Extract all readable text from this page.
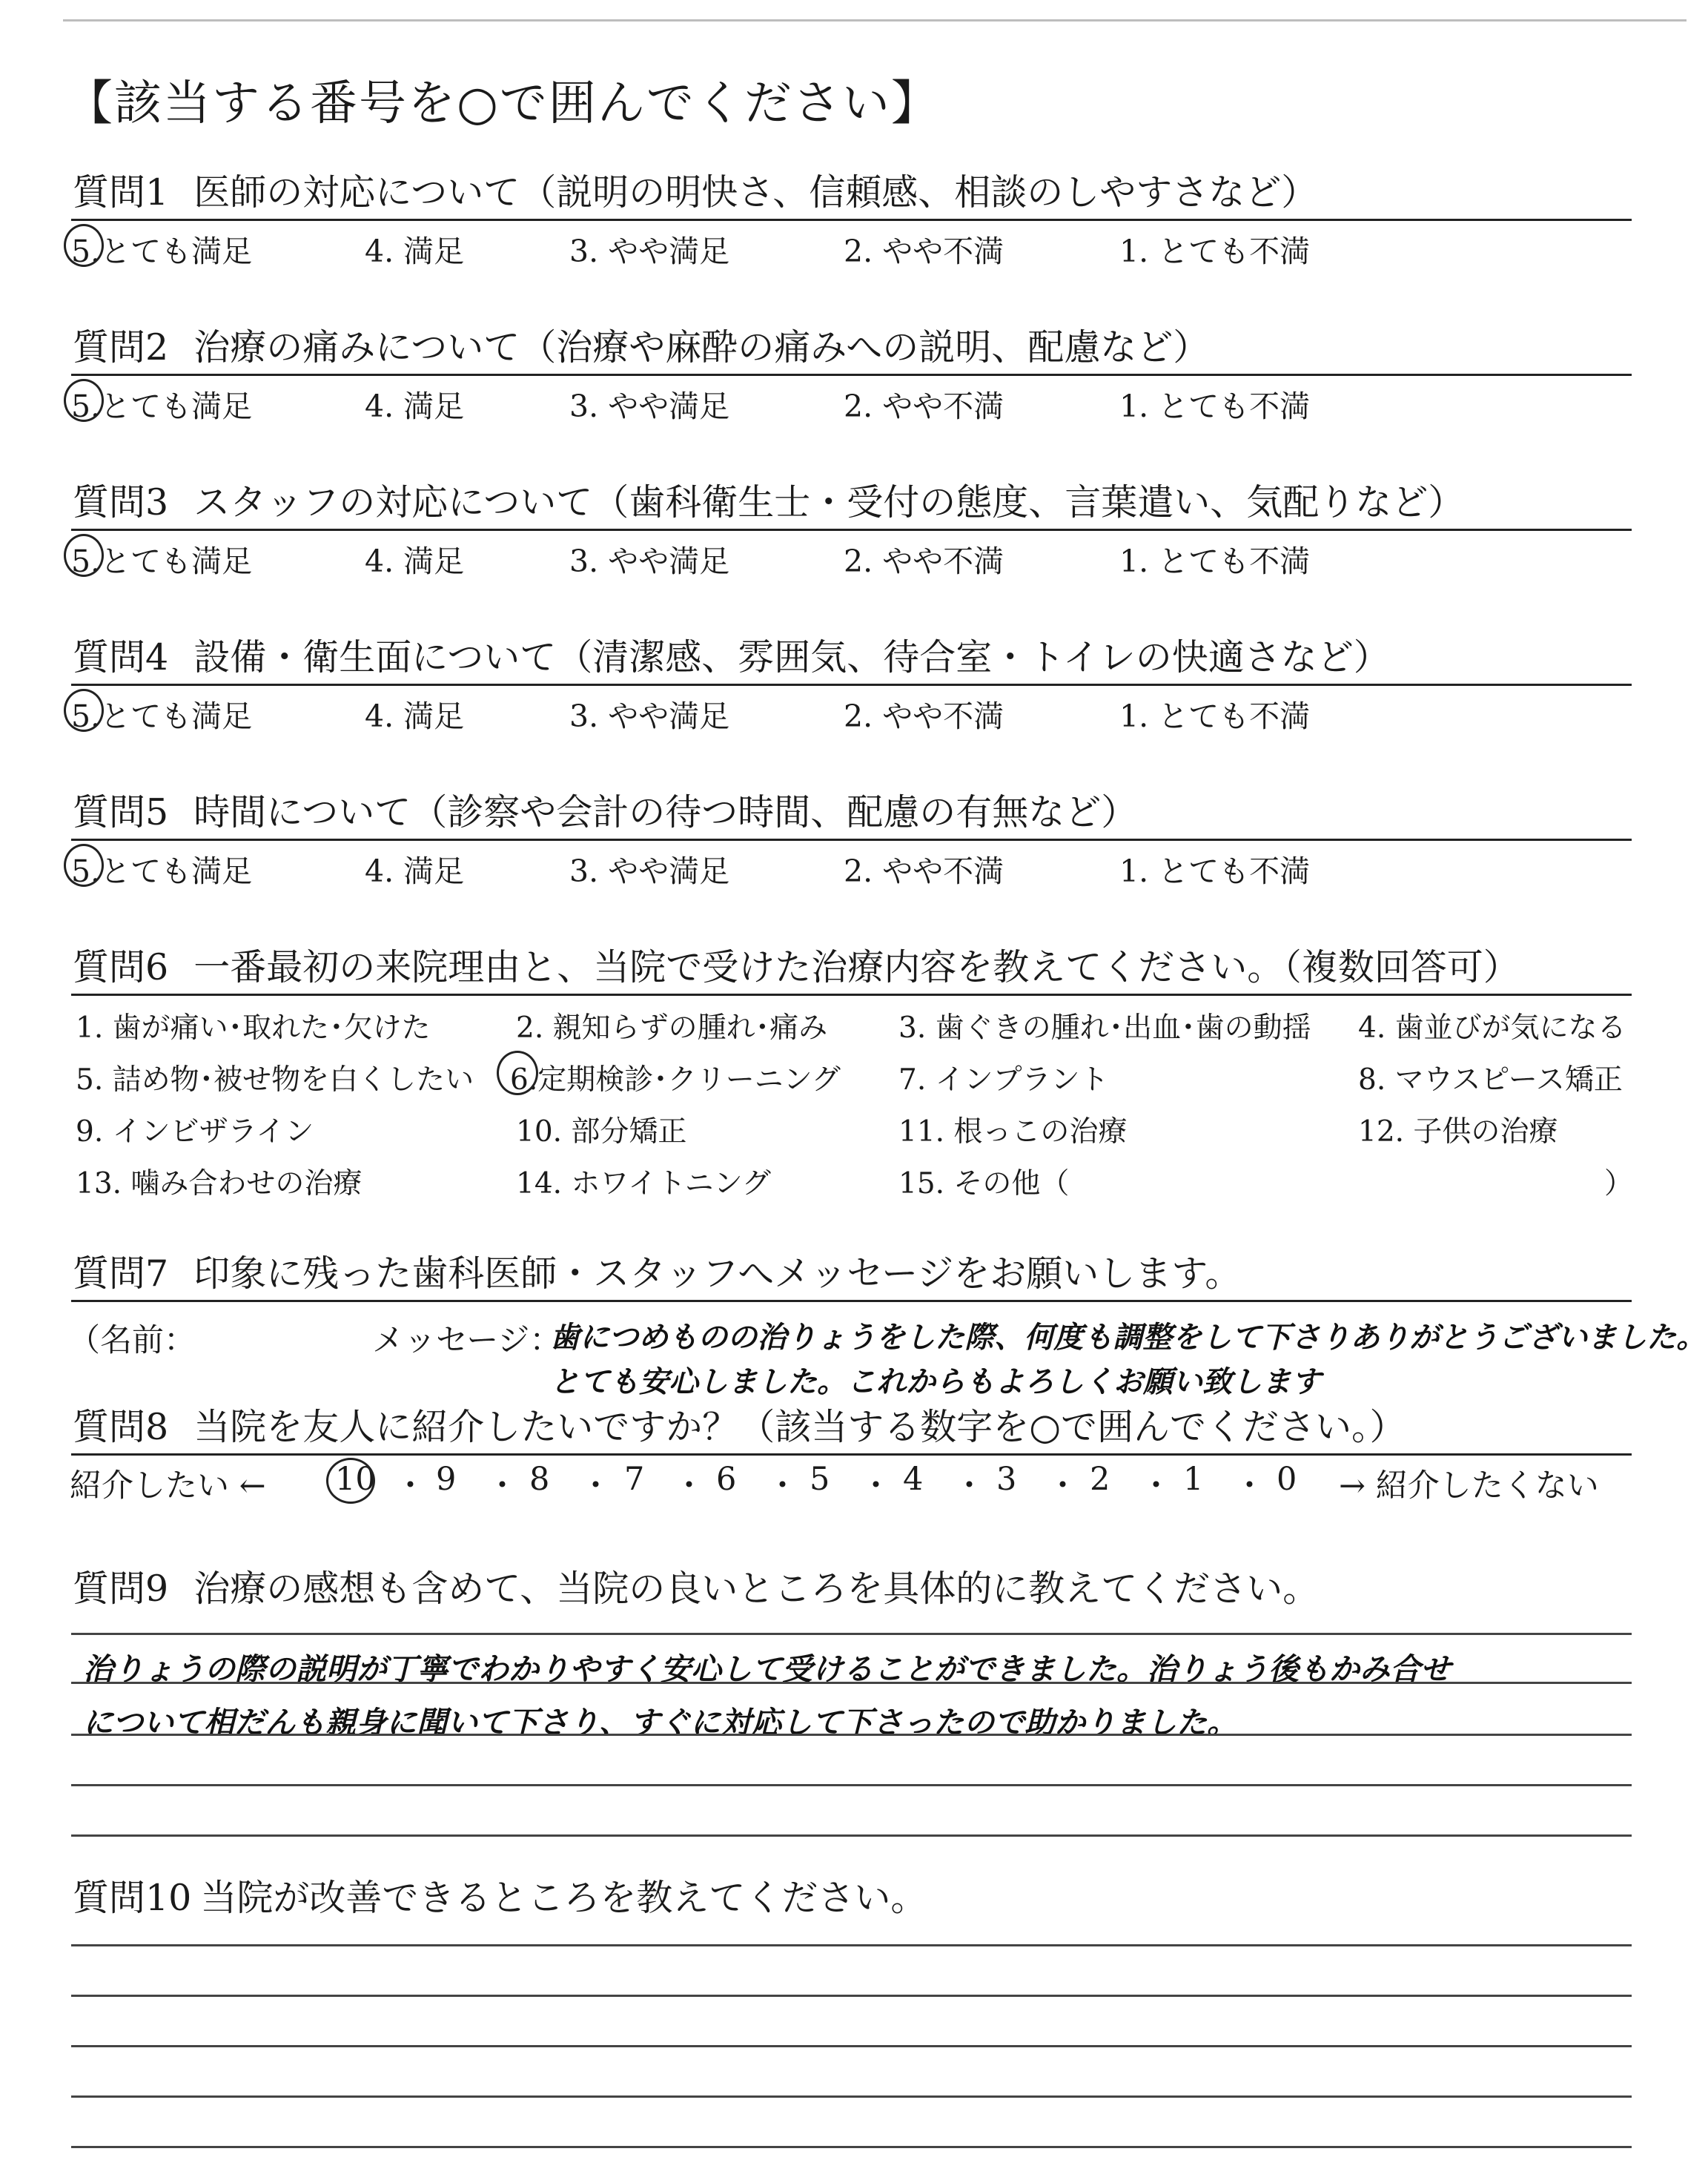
【該当する番号を○で囲んでください】
質問1 医師の対応について（説明の明快さ、信頼感、相談のしやすさなど）
5.とても満足	4. 満足	3. やや満足	2. やや不満	1. とても不満
質問2 治療の痛みについて（治療や麻酔の痛みへの説明、配慮など）
5.とても満足	4. 満足	3. やや満足	2. やや不満	1. とても不満
質問3 スタッフの対応について（歯科衛生士・受付の態度、言葉遣い、気配りなど）
5.とても満足	4. 満足	3. やや満足	2. やや不満	1. とても不満
質問4 設備・衛生面について（清潔感、雰囲気、待合室・トイレの快適さなど）
5.とても満足	4. 満足	3. やや満足	2. やや不満	1. とても不満
質問5 時間について（診察や会計の待つ時間、配慮の有無など）
5.とても満足	4. 満足	3. やや満足	2. やや不満	1. とても不満
質問6 一番最初の来院理由と、当院で受けた治療内容を教えてください。（複数回答可）
1. 歯が痛い･取れた･欠けた	2. 親知らずの腫れ･痛み 3. 歯ぐきの腫れ･出血･歯の動揺 4. 歯並びが気になる
5. 詰め物･被せ物を白くしたい 6.定期検診･クリーニング 7. インプラント	8. マウスピース矯正
9. インビザライン	10. 部分矯正	11. 根っこの治療	12. 子供の治療
13. 噛み合わせの治療	14. ホワイトニング	15. その他（	）
質問7 印象に残った歯科医師・スタッフへメッセージをお願いします。
（名前：	メッセージ：
歯につめものの治りょうをした際、何度も調整をして下さりありがとうございました。
とても安心しました。これからもよろしくお願い致します
質問8 当院を友人に紹介したいですか？（該当する数字を○で囲んでください。）
紹介したい ← 10 ・ 9 ・ 8 ・ 7 ・ 6 ・ 5 ・ 4 ・ 3 ・ 2 ・ 1 ・ 0 → 紹介したくない
質問9 治療の感想も含めて、当院の良いところを具体的に教えてください。
治りょうの際の説明が丁寧でわかりやすく安心して受けることができました。治りょう後もかみ合せ
について相だんも親身に聞いて下さり、すぐに対応して下さったので助かりました。
質問10 当院が改善できるところを教えてください。
